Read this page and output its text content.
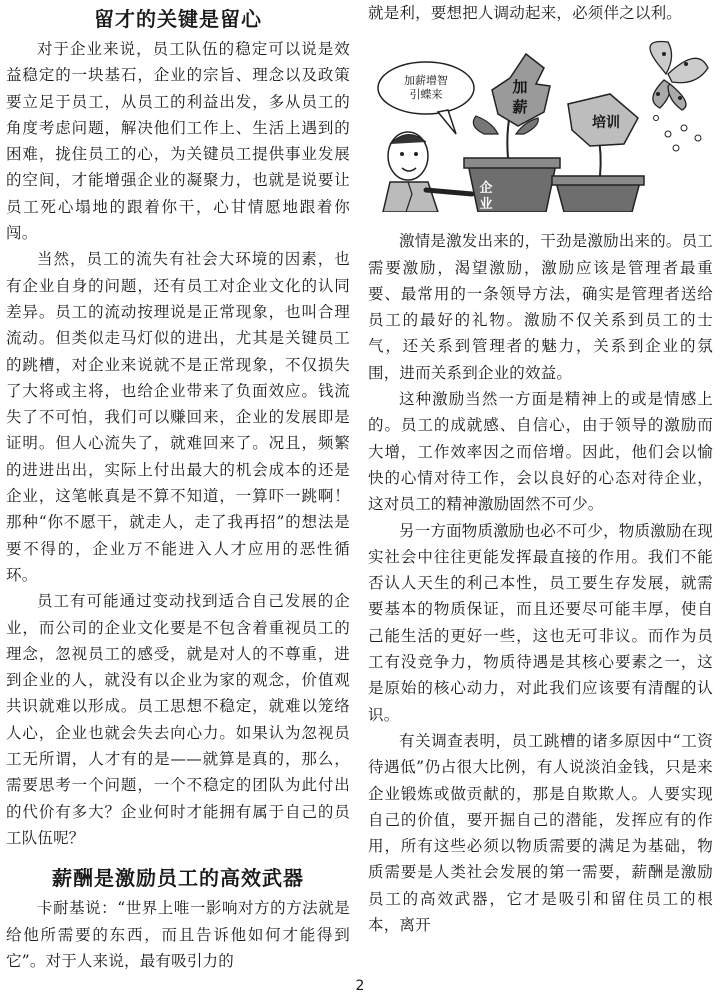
留才的关键是留心

对于企业来说，员工队伍的稳定可以说是效益稳定的一块基石，企业的宗旨、理念以及政策要立足于员工，从员工的利益出发，多从员工的角度考虑问题，解决他们工作上、生活上遇到的困难，拢住员工的心，为关键员工提供事业发展的空间，才能增强企业的凝聚力，也就是说要让员工死心塌地的跟着你干，心甘情愿地跟着你闯。

当然，员工的流失有社会大环境的因素，也有企业自身的问题，还有员工对企业文化的认同差异。员工的流动按理说是正常现象，也叫合理流动。但类似走马灯似的进出，尤其是关键员工的跳槽，对企业来说就不是正常现象，不仅损失了大将或主将，也给企业带来了负面效应。钱流失了不可怕，我们可以赚回来，企业的发展即是证明。但人心流失了，就难回来了。况且，频繁的进进出出，实际上付出最大的机会成本的还是企业，这笔帐真是不算不知道，一算吓一跳啊！那种“你不愿干，就走人，走了我再招”的想法是要不得的，企业万不能进入人才应用的恶性循环。

员工有可能通过变动找到适合自己发展的企业，而公司的企业文化要是不包含着重视员工的理念，忽视员工的感受，就是对人的不尊重，进到企业的人，就没有以企业为家的观念，价值观共识就难以形成。员工思想不稳定，就难以笼络人心，企业也就会失去向心力。如果认为忽视员工无所谓，人才有的是——就算是真的，那么，需要思考一个问题，一个不稳定的团队为此付出的代价有多大？企业何时才能拥有属于自己的员工队伍呢？

薪酬是激励员工的高效武器

卡耐基说：“世界上唯一影响对方的方法就是给他所需要的东西，而且告诉他如何才能得到它”。对于人来说，最有吸引力的

就是利，要想把人调动起来，必须伴之以利。

加薪增智
引蝶来	加
薪
企
业
培训

激情是激发出来的，干劲是激励出来的。员工需要激励，渴望激励，激励应该是管理者最重要、最常用的一条领导方法，确实是管理者送给员工的最好的礼物。激励不仅关系到员工的士气，还关系到管理者的魅力，关系到企业的氛围，进而关系到企业的效益。

这种激励当然一方面是精神上的或是情感上的。员工的成就感、自信心，由于领导的激励而大增，工作效率因之而倍增。因此，他们会以愉快的心情对待工作，会以良好的心态对待企业，这对员工的精神激励固然不可少。

另一方面物质激励也必不可少，物质激励在现实社会中往往更能发挥最直接的作用。我们不能否认人天生的利己本性，员工要生存发展，就需要基本的物质保证，而且还要尽可能丰厚，使自己能生活的更好一些，这也无可非议。而作为员工有没竞争力，物质待遇是其核心要素之一，这是原始的核心动力，对此我们应该要有清醒的认识。

有关调查表明，员工跳槽的诸多原因中“工资待遇低”仍占很大比例，有人说淡泊金钱，只是来企业锻炼或做贡献的，那是自欺欺人。人要实现自己的价值，要开掘自己的潜能，发挥应有的作用，所有这些必须以物质需要的满足为基础，物质需要是人类社会发展的第一需要，薪酬是激励员工的高效武器，它才是吸引和留住员工的根本，离开

2
